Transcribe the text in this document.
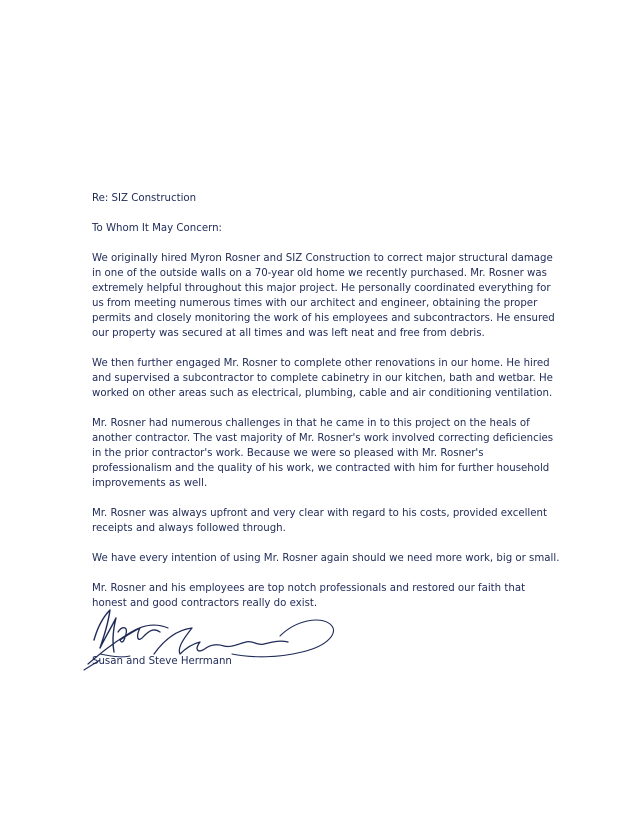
Re: SIZ Construction
To Whom It May Concern:
We originally hired Myron Rosner and SIZ Construction to correct major structural damage
in one of the outside walls on a 70-year old home we recently purchased. Mr. Rosner was
extremely helpful throughout this major project. He personally coordinated everything for
us from meeting numerous times with our architect and engineer, obtaining the proper
permits and closely monitoring the work of his employees and subcontractors. He ensured
our property was secured at all times and was left neat and free from debris.
We then further engaged Mr. Rosner to complete other renovations in our home. He hired
and supervised a subcontractor to complete cabinetry in our kitchen, bath and wetbar. He
worked on other areas such as electrical, plumbing, cable and air conditioning ventilation.
Mr. Rosner had numerous challenges in that he came in to this project on the heals of
another contractor. The vast majority of Mr. Rosner's work involved correcting deficiencies
in the prior contractor's work. Because we were so pleased with Mr. Rosner's
professionalism and the quality of his work, we contracted with him for further household
improvements as well.
Mr. Rosner was always upfront and very clear with regard to his costs, provided excellent
receipts and always followed through.
We have every intention of using Mr. Rosner again should we need more work, big or small.
Mr. Rosner and his employees are top notch professionals and restored our faith that
honest and good contractors really do exist.
Susan and Steve Herrmann
